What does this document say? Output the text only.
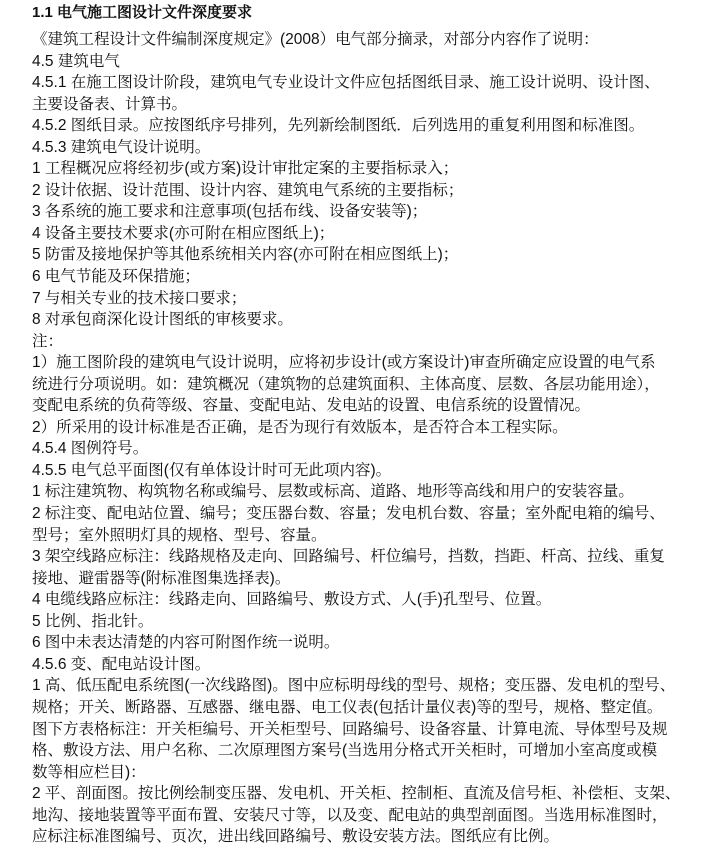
1.1 电气施工图设计文件深度要求
《建筑工程设计文件编制深度规定》(2008）电气部分摘录，对部分内容作了说明：
4.5 建筑电气
4.5.1 在施工图设计阶段，建筑电气专业设计文件应包括图纸目录、施工设计说明、设计图、
主要设备表、计算书。
4.5.2 图纸目录。应按图纸序号排列，先列新绘制图纸．后列选用的重复利用图和标准图。
4.5.3 建筑电气设计说明。
1 工程概况应将经初步(或方案)设计审批定案的主要指标录入；
2 设计依据、设计范围、设计内容、建筑电气系统的主要指标；
3 各系统的施工要求和注意事项(包括布线、设备安装等)；
4 设备主要技术要求(亦可附在相应图纸上)；
5 防雷及接地保护等其他系统相关内容(亦可附在相应图纸上)；
6 电气节能及环保措施；
7 与相关专业的技术接口要求；
8 对承包商深化设计图纸的审核要求。
注：
1）施工图阶段的建筑电气设计说明，应将初步设计(或方案设计)审查所确定应设置的电气系
统进行分项说明。如：建筑概况（建筑物的总建筑面积、主体高度、层数、各层功能用途），
变配电系统的负荷等级、容量、变配电站、发电站的设置、电信系统的设置情况。
2）所采用的设计标准是否正确，是否为现行有效版本，是否符合本工程实际。
4.5.4 图例符号。
4.5.5 电气总平面图(仅有单体设计时可无此项内容)。
1 标注建筑物、构筑物名称或编号、层数或标高、道路、地形等高线和用户的安装容量。
2 标注变、配电站位置、编号；变压器台数、容量；发电机台数、容量；室外配电箱的编号、
型号；室外照明灯具的规格、型号、容量。
3 架空线路应标注：线路规格及走向、回路编号、杆位编号，挡数，挡距、杆高、拉线、重复
接地、避雷器等(附标准图集选择表)。
4 电缆线路应标注：线路走向、回路编号、敷设方式、人(手)孔型号、位置。
5 比例、指北针。
6 图中未表达清楚的内容可附图作统一说明。
4.5.6 变、配电站设计图。
1 高、低压配电系统图(一次线路图)。图中应标明母线的型号、规格；变压器、发电机的型号、
规格；开关、断路器、互感器、继电器、电工仪表(包括计量仪表)等的型号，规格、整定值。
图下方表格标注：开关柜编号、开关柜型号、回路编号、设备容量、计算电流、导体型号及规
格、敷设方法、用户名称、二次原理图方案号(当选用分格式开关柜时，可增加小室高度或模
数等相应栏目)：
2 平、剖面图。按比例绘制变压器、发电机、开关柜、控制柜、直流及信号柜、补偿柜、支架、
地沟、接地装置等平面布置、安装尺寸等，以及变、配电站的典型剖面图。当选用标准图时，
应标注标准图编号、页次，进出线回路编号、敷设安装方法。图纸应有比例。
